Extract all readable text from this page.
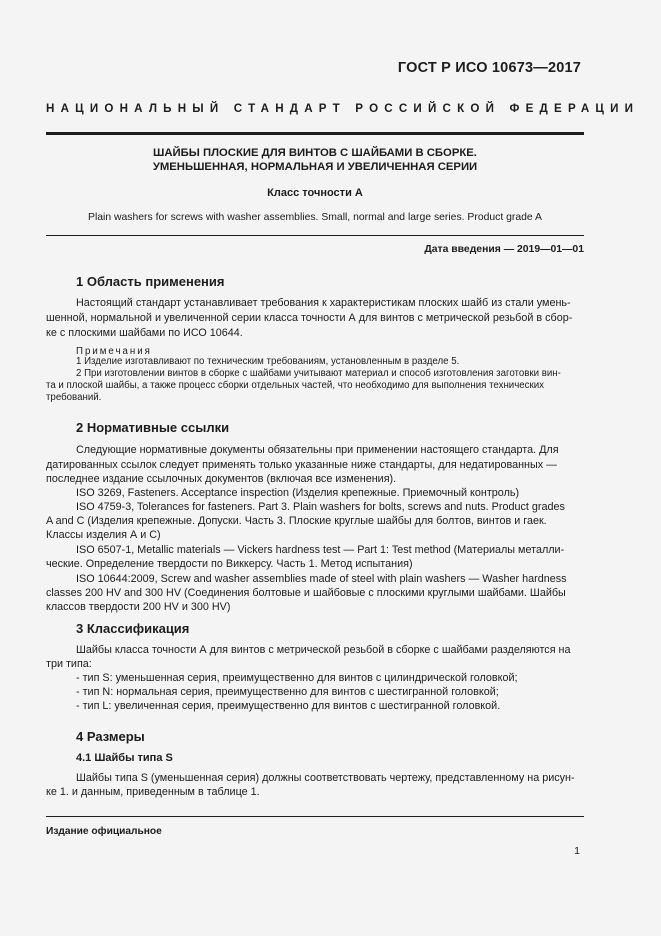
ГОСТ Р ИСО 10673—2017
НАЦИОНАЛЬНЫЙ СТАНДАРТ РОССИЙСКОЙ ФЕДЕРАЦИИ
ШАЙБЫ ПЛОСКИЕ ДЛЯ ВИНТОВ С ШАЙБАМИ В СБОРКЕ.
УМЕНЬШЕННАЯ, НОРМАЛЬНАЯ И УВЕЛИЧЕННАЯ СЕРИИ
Класс точности А
Plain washers for screws with washer assemblies. Small, normal and large series. Product grade A
Дата введения — 2019—01—01
1 Область применения
Настоящий стандарт устанавливает требования к характеристикам плоских шайб из стали умень-
шенной, нормальной и увеличенной серии класса точности А для винтов с метрической резьбой в сбор-
ке с плоскими шайбами по ИСО 10644.
Примечания
1 Изделие изготавливают по техническим требованиям, установленным в разделе 5.
2 При изготовлении винтов в сборке с шайбами учитывают материал и способ изготовления заготовки вин-
та и плоской шайбы, а также процесс сборки отдельных частей, что необходимо для выполнения технических
требований.
2 Нормативные ссылки
Следующие нормативные документы обязательны при применении настоящего стандарта. Для
датированных ссылок следует применять только указанные ниже стандарты, для недатированных —
последнее издание ссылочных документов (включая все изменения).
ISO 3269, Fasteners. Acceptance inspection (Изделия крепежные. Приемочный контроль)
ISO 4759-3, Tolerances for fasteners. Part 3. Plain washers for bolts, screws and nuts. Product grades
A and C (Изделия крепежные. Допуски. Часть 3. Плоские круглые шайбы для болтов, винтов и гаек.
Классы изделия А и С)
ISO 6507-1, Metallic materials — Vickers hardness test — Part 1: Test method (Материалы металли-
ческие. Определение твердости по Виккерсу. Часть 1. Метод испытания)
ISO 10644:2009, Screw and washer assemblies made of steel with plain washers — Washer hardness
classes 200 HV and 300 HV (Соединения болтовые и шайбовые с плоскими круглыми шайбами. Шайбы
классов твердости 200 HV и 300 HV)
3 Классификация
Шайбы класса точности А для винтов с метрической резьбой в сборке с шайбами разделяются на
три типа:
- тип S: уменьшенная серия, преимущественно для винтов с цилиндрической головкой;
- тип N: нормальная серия, преимущественно для винтов с шестигранной головкой;
- тип L: увеличенная серия, преимущественно для винтов с шестигранной головкой.
4 Размеры
4.1 Шайбы типа S
Шайбы типа S (уменьшенная серия) должны соответствовать чертежу, представленному на рисун-
ке 1. и данным, приведенным в таблице 1.
Издание официальное
1
